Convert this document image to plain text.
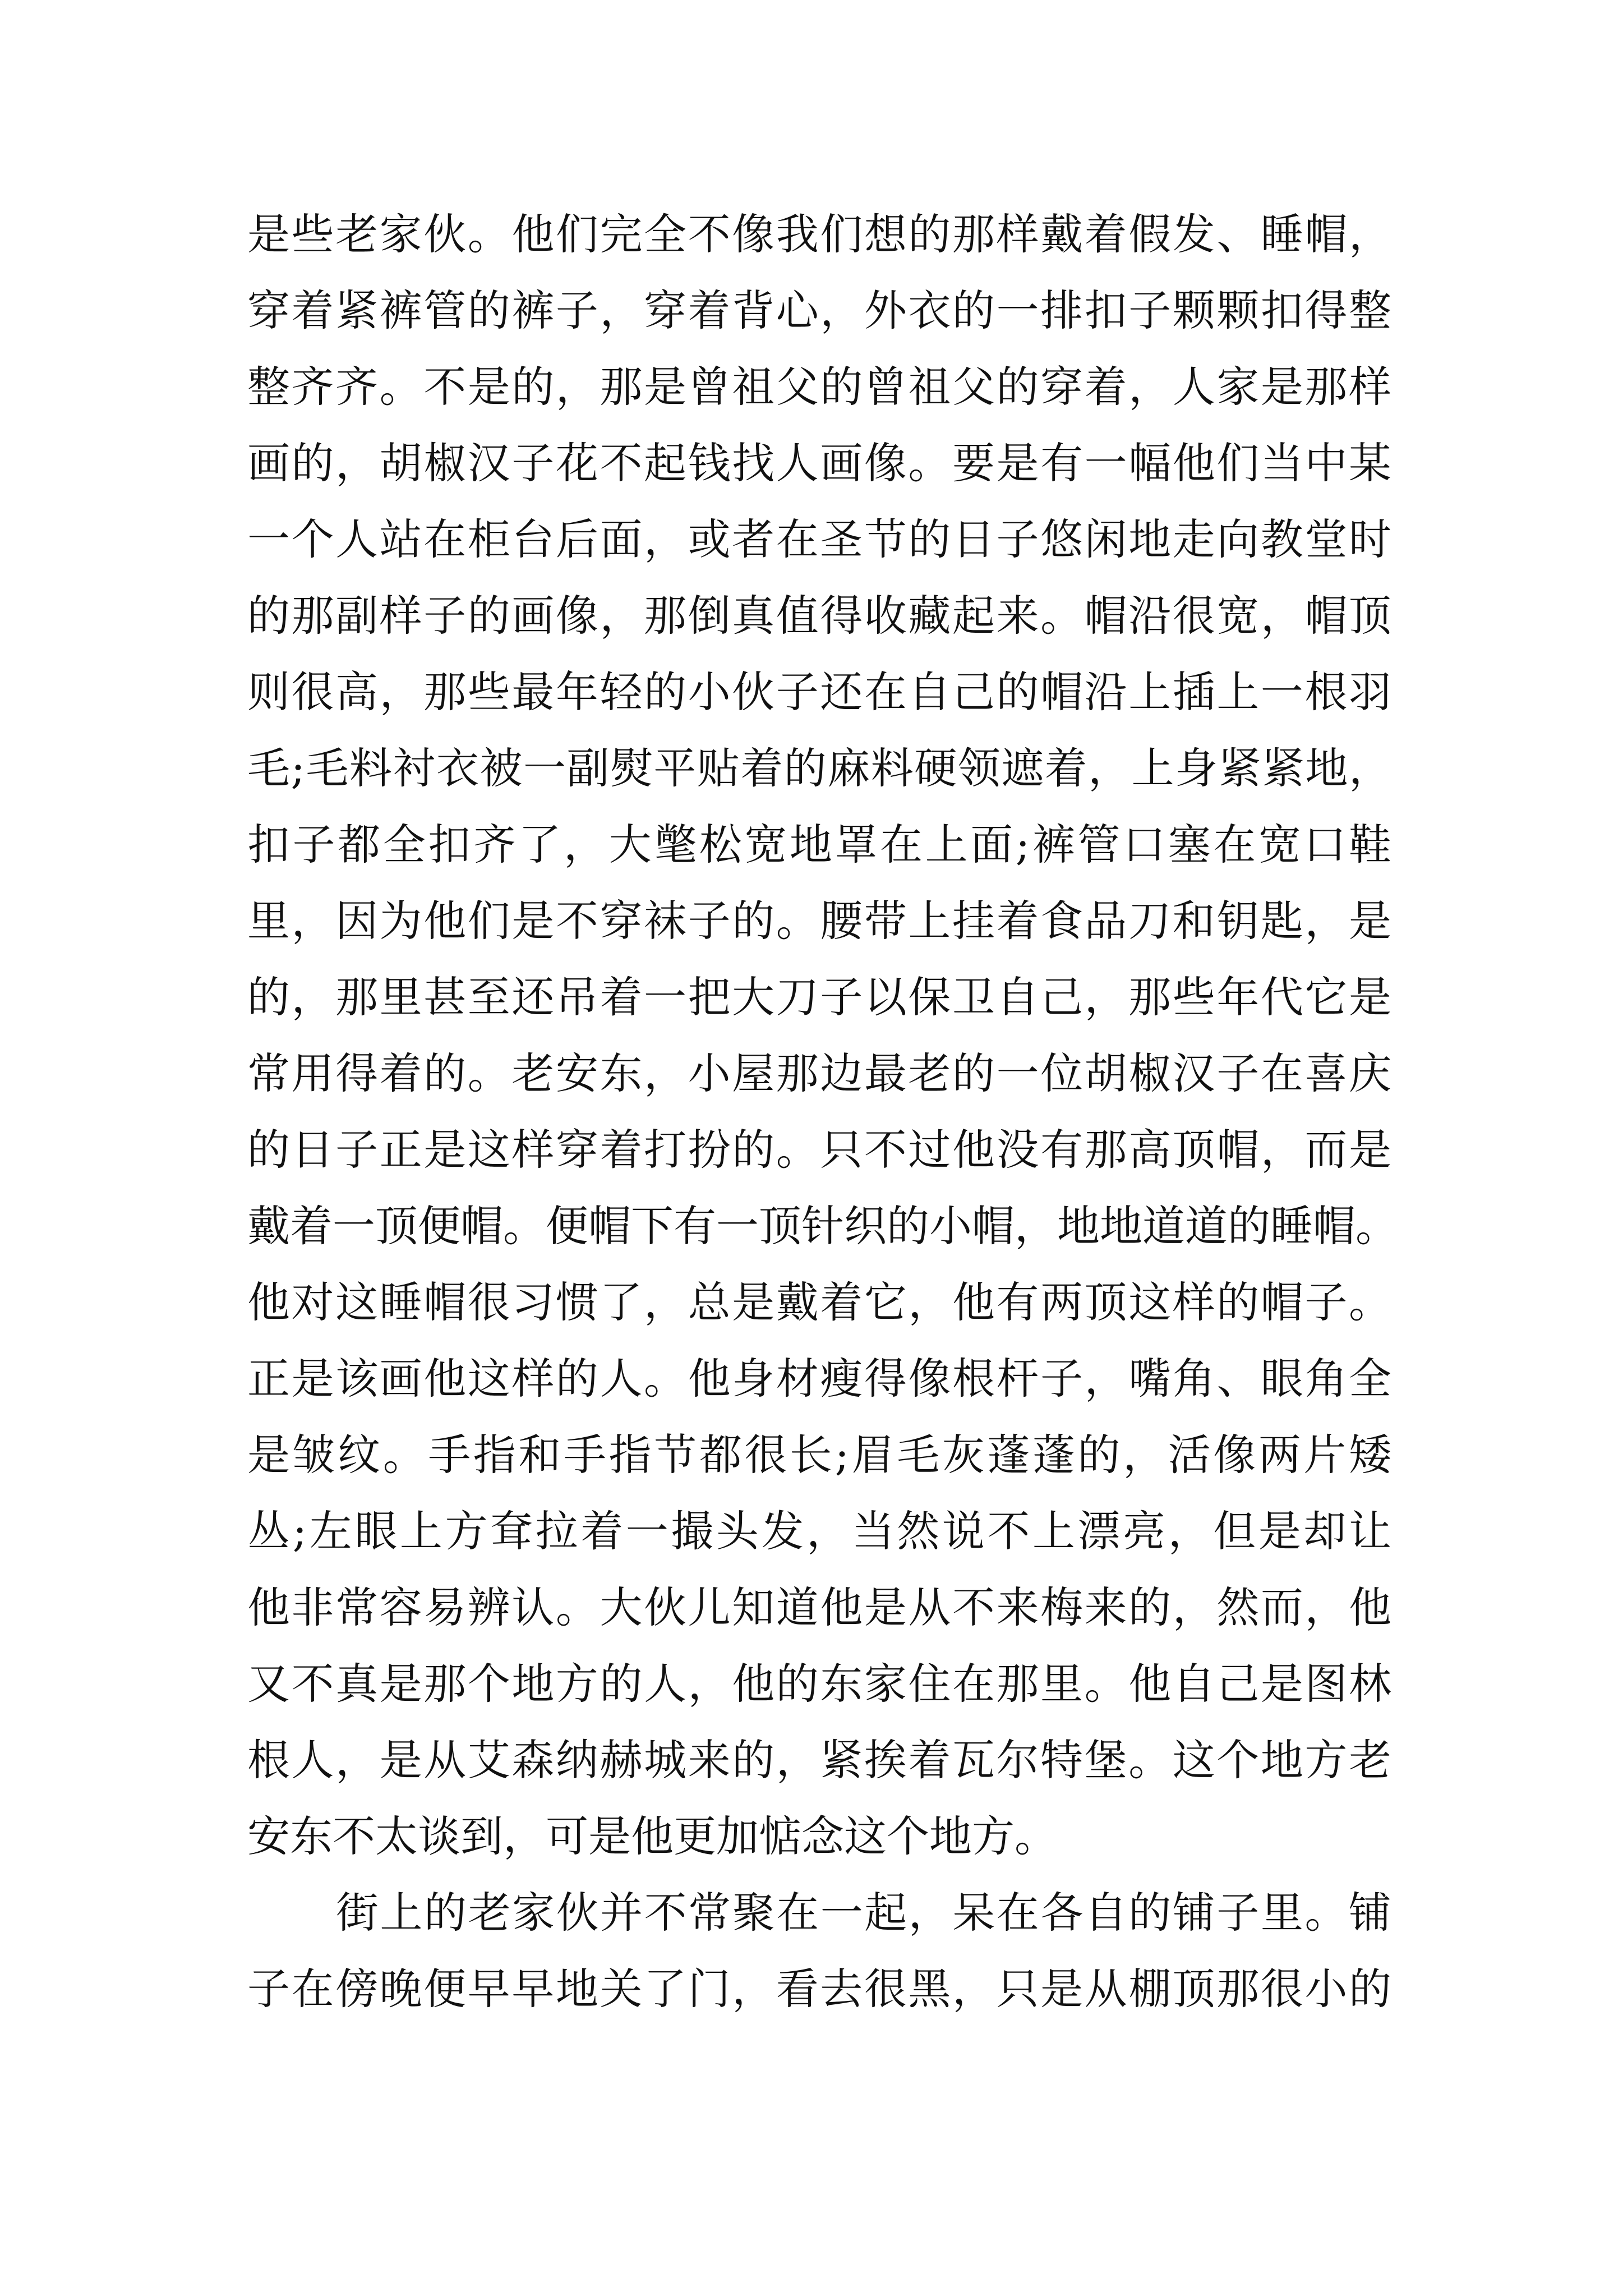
是些老家伙。他们完全不像我们想的那样戴着假发、睡帽，
穿着紧裤管的裤子，穿着背心，外衣的一排扣子颗颗扣得整
整齐齐。不是的，那是曾祖父的曾祖父的穿着，人家是那样
画的，胡椒汉子花不起钱找人画像。要是有一幅他们当中某
一个人站在柜台后面，或者在圣节的日子悠闲地走向教堂时
的那副样子的画像，那倒真值得收藏起来。帽沿很宽，帽顶
则很高，那些最年轻的小伙子还在自己的帽沿上插上一根羽
毛;毛料衬衣被一副熨平贴着的麻料硬领遮着，上身紧紧地，
扣子都全扣齐了，大氅松宽地罩在上面;裤管口塞在宽口鞋
里，因为他们是不穿袜子的。腰带上挂着食品刀和钥匙，是
的，那里甚至还吊着一把大刀子以保卫自己，那些年代它是
常用得着的。老安东，小屋那边最老的一位胡椒汉子在喜庆
的日子正是这样穿着打扮的。只不过他没有那高顶帽，而是
戴着一顶便帽。便帽下有一顶针织的小帽，地地道道的睡帽。
他对这睡帽很习惯了，总是戴着它，他有两顶这样的帽子。
正是该画他这样的人。他身材瘦得像根杆子，嘴角、眼角全
是皱纹。手指和手指节都很长;眉毛灰蓬蓬的，活像两片矮
丛;左眼上方耷拉着一撮头发，当然说不上漂亮，但是却让
他非常容易辨认。大伙儿知道他是从不来梅来的，然而，他
又不真是那个地方的人，他的东家住在那里。他自己是图林
根人，是从艾森纳赫城来的，紧挨着瓦尔特堡。这个地方老
安东不太谈到，可是他更加惦念这个地方。
街上的老家伙并不常聚在一起，呆在各自的铺子里。铺
子在傍晚便早早地关了门，看去很黑，只是从棚顶那很小的
